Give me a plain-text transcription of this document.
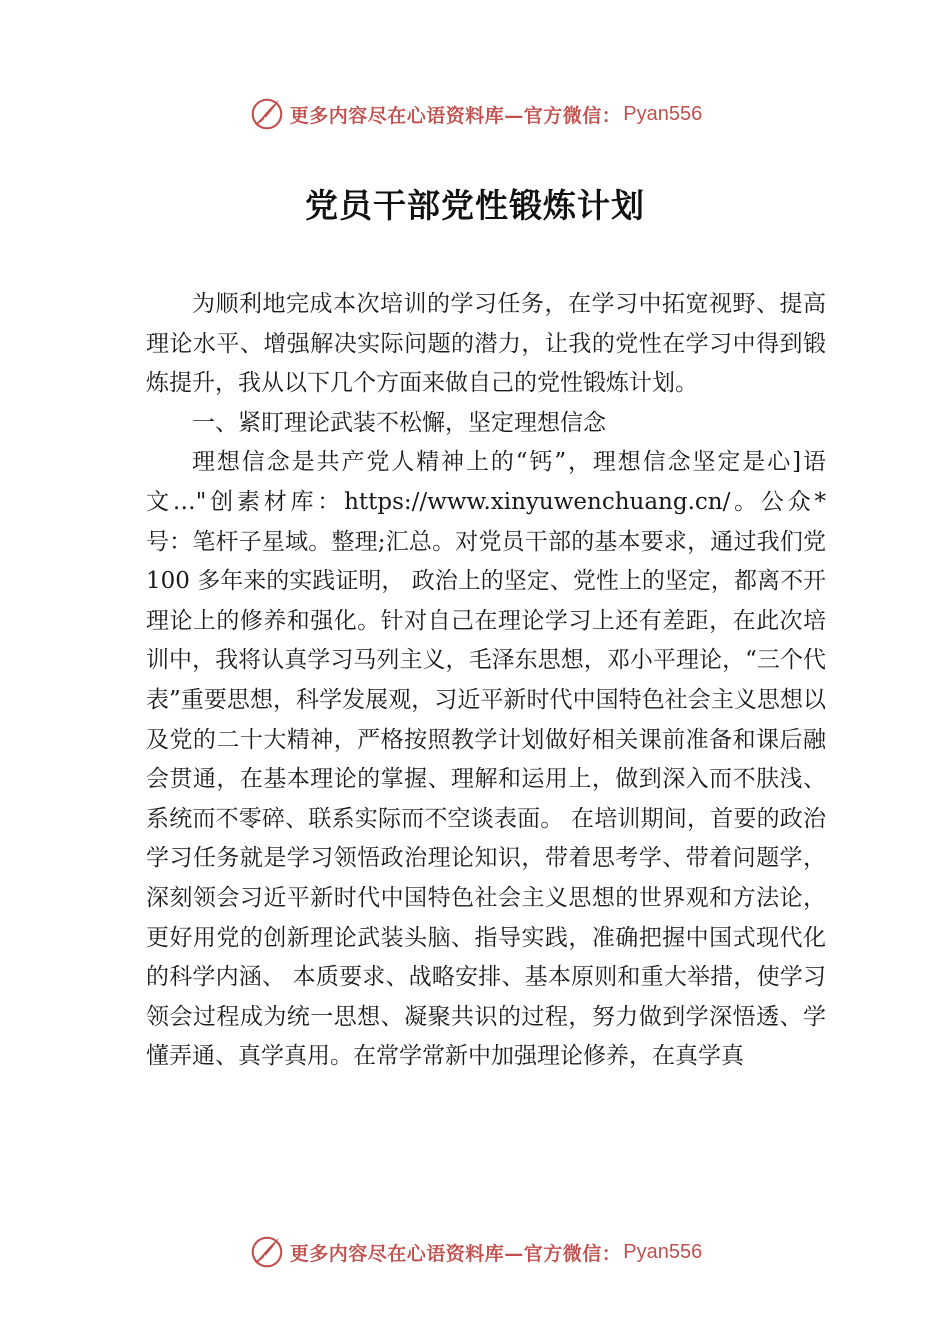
更多内容尽在心语资料库—官方微信： Pyan556
党员干部党性锻炼计划

为顺利地完成本次培训的学习任务，在学习中拓宽视野、提高理论水平、增强解决实际问题的潜力，让我的党性在学习中得到锻炼提升，我从以下几个方面来做自己的党性锻炼计划。

一、紧盯理论武装不松懈，坚定理想信念

理想信念是共产党人精神上的“钙”，理想信念坚定是心]语文…"创素材库：https://www.xinyuwenchuang.cn/。公众*号：笔杆子星域。整理;汇总。对党员干部的基本要求，通过我们党 100 多年来的实践证明， 政治上的坚定、党性上的坚定，都离不开理论上的修养和强化。针对自己在理论学习上还有差距，在此次培训中，我将认真学习马列主义，毛泽东思想，邓小平理论，“三个代表”重要思想，科学发展观，习近平新时代中国特色社会主义思想以及党的二十大精神，严格按照教学计划做好相关课前准备和课后融会贯通，在基本理论的掌握、理解和运用上，做到深入而不肤浅、系统而不零碎、联系实际而不空谈表面。 在培训期间，首要的政治学习任务就是学习领悟政治理论知识，带着思考学、带着问题学，深刻领会习近平新时代中国特色社会主义思想的世界观和方法论，更好用党的创新理论武装头脑、指导实践，准确把握中国式现代化的科学内涵、 本质要求、战略安排、基本原则和重大举措，使学习领会过程成为统一思想、凝聚共识的过程，努力做到学深悟透、学懂弄通、真学真用。在常学常新中加强理论修养，在真学真

更多内容尽在心语资料库—官方微信： Pyan556
